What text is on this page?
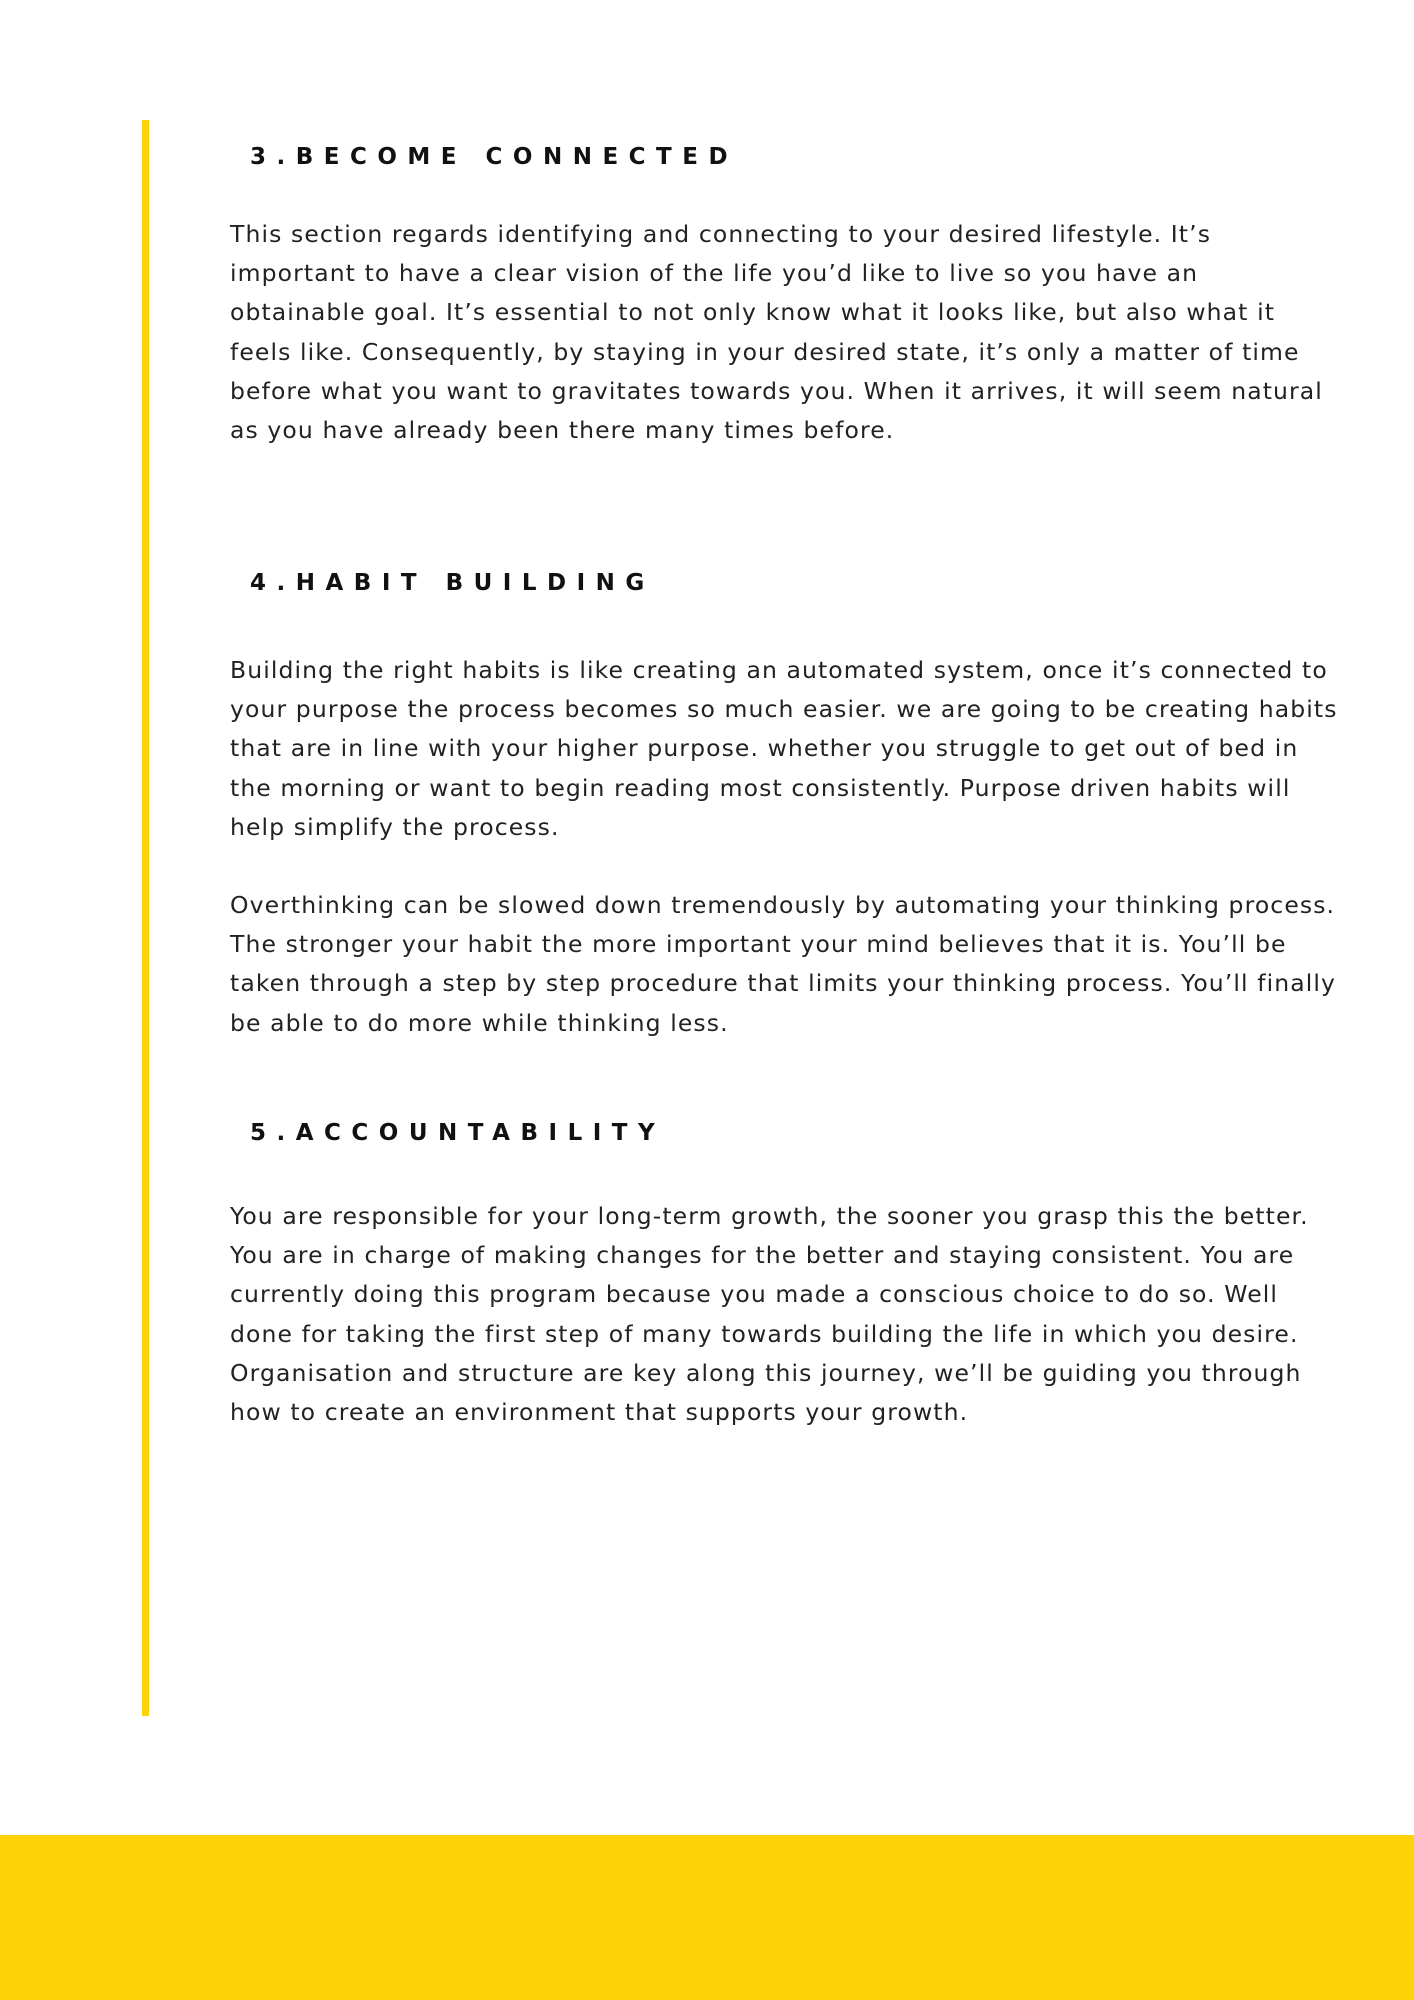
3.BECOME CONNECTED

This section regards identifying and connecting to your desired lifestyle. It’s important to have a clear vision of the life you’d like to live so you have an obtainable goal. It’s essential to not only know what it looks like, but also what it feels like. Consequently, by staying in your desired state, it’s only a matter of time before what you want to gravitates towards you. When it arrives, it will seem natural as you have already been there many times before.

4.HABIT BUILDING

Building the right habits is like creating an automated system, once it’s connected to your purpose the process becomes so much easier. we are going to be creating habits that are in line with your higher purpose. whether you struggle to get out of bed in the morning or want to begin reading most consistently. Purpose driven habits will help simplify the process.

Overthinking can be slowed down tremendously by automating your thinking process. The stronger your habit the more important your mind believes that it is. You’ll be taken through a step by step procedure that limits your thinking process. You’ll finally be able to do more while thinking less.

5.ACCOUNTABILITY

You are responsible for your long-term growth, the sooner you grasp this the better. You are in charge of making changes for the better and staying consistent. You are currently doing this program because you made a conscious choice to do so. Well done for taking the first step of many towards building the life in which you desire. Organisation and structure are key along this journey, we’ll be guiding you through how to create an environment that supports your growth.
